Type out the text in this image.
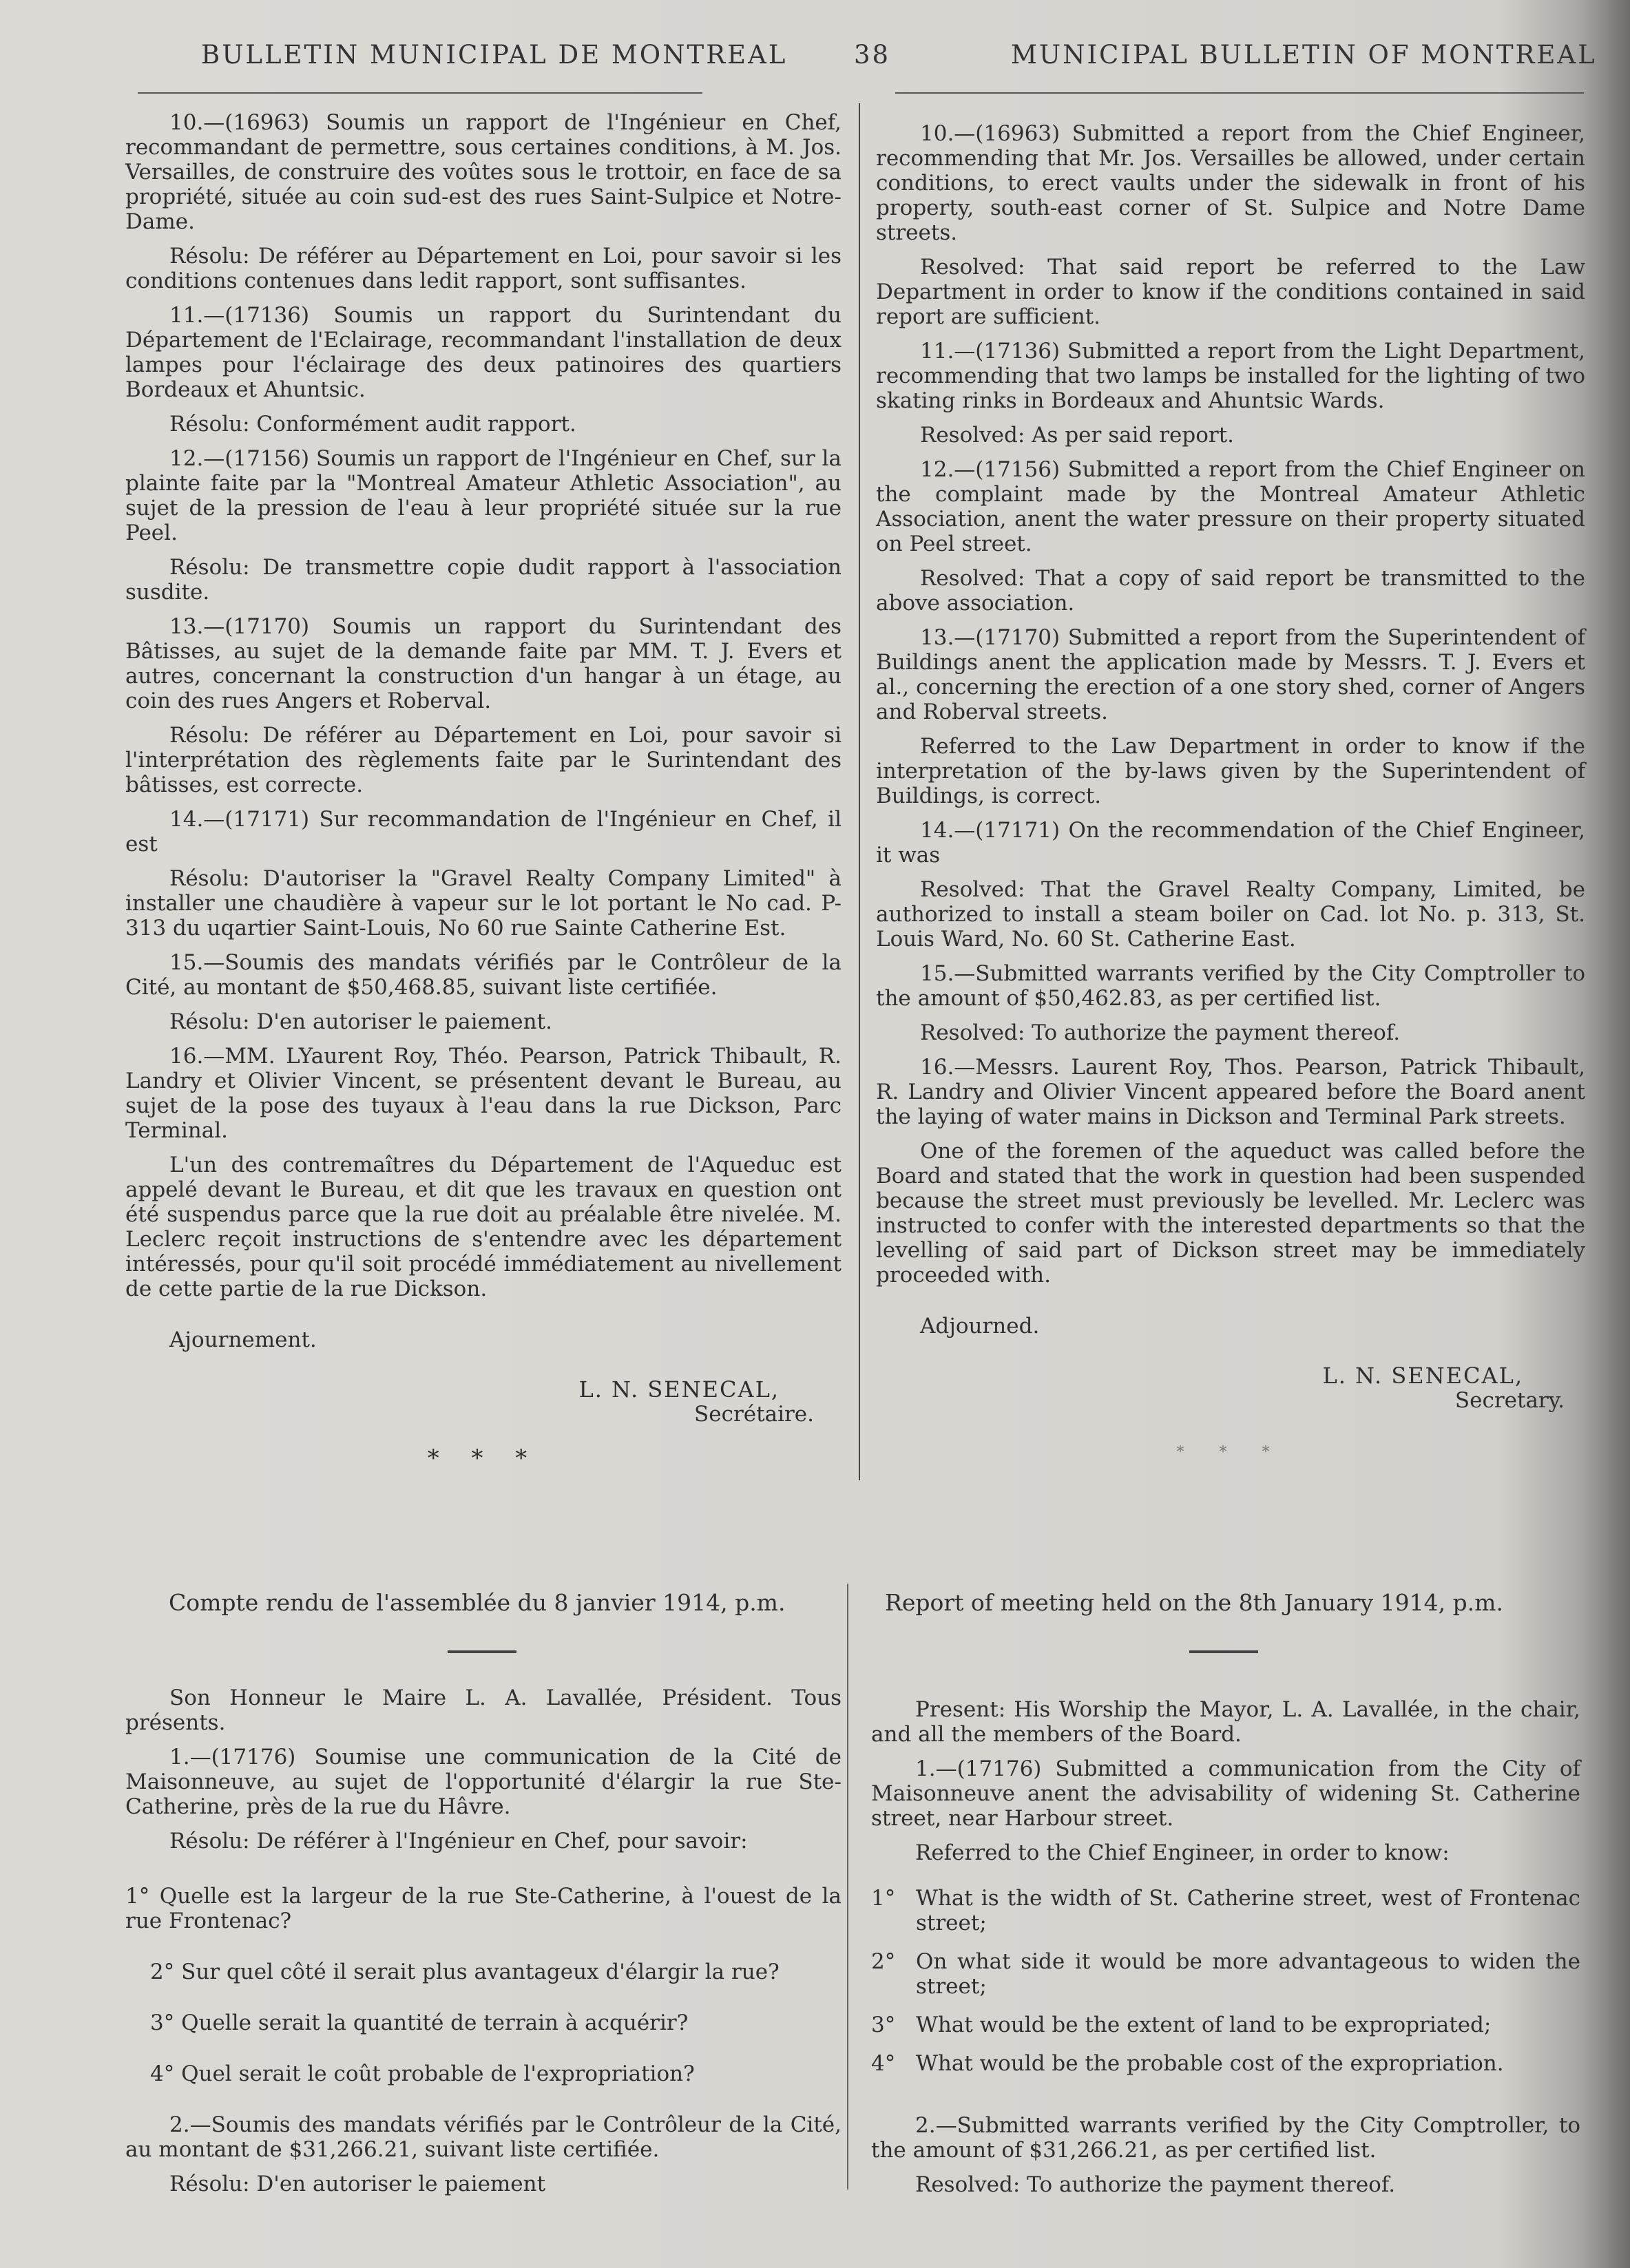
BULLETIN MUNICIPAL DE MONTREAL	38	MUNICIPAL BULLETIN OF MONTREAL

10.—(16963) Soumis un rapport de l'Ingénieur en Chef, recommandant de permettre, sous certaines conditions, à M. Jos. Versailles, de construire des voûtes sous le trottoir, en face de sa propriété, située au coin sud-est des rues Saint-Sulpice et Notre-Dame.

Résolu: De référer au Département en Loi, pour savoir si les conditions contenues dans ledit rapport, sont suffisantes.

11.—(17136) Soumis un rapport du Surintendant du Département de l'Eclairage, recommandant l'installation de deux lampes pour l'éclairage des deux patinoires des quartiers Bordeaux et Ahuntsic.

Résolu: Conformément audit rapport.

12.—(17156) Soumis un rapport de l'Ingénieur en Chef, sur la plainte faite par la "Montreal Amateur Athletic Association", au sujet de la pression de l'eau à leur propriété située sur la rue Peel.

Résolu: De transmettre copie dudit rapport à l'association susdite.

13.—(17170) Soumis un rapport du Surintendant des Bâtisses, au sujet de la demande faite par MM. T. J. Evers et autres, concernant la construction d'un hangar à un étage, au coin des rues Angers et Roberval.

Résolu: De référer au Département en Loi, pour savoir si l'interprétation des règlements faite par le Surintendant des bâtisses, est correcte.

14.—(17171) Sur recommandation de l'Ingénieur en Chef, il est

Résolu: D'autoriser la "Gravel Realty Company Limited" à installer une chaudière à vapeur sur le lot portant le No cad. P-313 du uqartier Saint-Louis, No 60 rue Sainte Catherine Est.

15.—Soumis des mandats vérifiés par le Contrôleur de la Cité, au montant de $50,468.85, suivant liste certifiée.

Résolu: D'en autoriser le paiement.

16.—MM. LYaurent Roy, Théo. Pearson, Patrick Thibault, R. Landry et Olivier Vincent, se présentent devant le Bureau, au sujet de la pose des tuyaux à l'eau dans la rue Dickson, Parc Terminal.

L'un des contremaîtres du Département de l'Aqueduc est appelé devant le Bureau, et dit que les travaux en question ont été suspendus parce que la rue doit au préalable être nivelée. M. Leclerc reçoit instructions de s'entendre avec les département intéressés, pour qu'il soit procédé immédiatement au nivellement de cette partie de la rue Dickson.

Ajournement.

L. N. SENECAL,

Secrétaire.

* * *

10.—(16963) Submitted a report from the Chief Engineer, recommending that Mr. Jos. Versailles be allowed, under certain conditions, to erect vaults under the sidewalk in front of his property, south-east corner of St. Sulpice and Notre Dame streets.

Resolved: That said report be referred to the Law Department in order to know if the conditions contained in said report are sufficient.

11.—(17136) Submitted a report from the Light Department, recommending that two lamps be installed for the lighting of two skating rinks in Bordeaux and Ahuntsic Wards.

Resolved: As per said report.

12.—(17156) Submitted a report from the Chief Engineer on the complaint made by the Montreal Amateur Athletic Association, anent the water pressure on their property situated on Peel street.

Resolved: That a copy of said report be transmitted to the above association.

13.—(17170) Submitted a report from the Superintendent of Buildings anent the application made by Messrs. T. J. Evers et al., concerning the erection of a one story shed, corner of Angers and Roberval streets.

Referred to the Law Department in order to know if the interpretation of the by-laws given by the Superintendent of Buildings, is correct.

14.—(17171) On the recommendation of the Chief Engineer, it was

Resolved: That the Gravel Realty Company, Limited, be authorized to install a steam boiler on Cad. lot No. p. 313, St. Louis Ward, No. 60 St. Catherine East.

15.—Submitted warrants verified by the City Comptroller to the amount of $50,462.83, as per certified list.

Resolved: To authorize the payment thereof.

16.—Messrs. Laurent Roy, Thos. Pearson, Patrick Thibault, R. Landry and Olivier Vincent appeared before the Board anent the laying of water mains in Dickson and Terminal Park streets.

One of the foremen of the aqueduct was called before the Board and stated that the work in question had been suspended because the street must previously be levelled. Mr. Leclerc was instructed to confer with the interested departments so that the levelling of said part of Dickson street may be immediately proceeded with.

Adjourned.

L. N. SENECAL,

Secretary.

* * *

Compte rendu de l'assemblée du 8 janvier 1914, p.m.	Report of meeting held on the 8th January 1914, p.m.

Son Honneur le Maire L. A. Lavallée, Président. Tous présents.

1.—(17176) Soumise une communication de la Cité de Maisonneuve, au sujet de l'opportunité d'élargir la rue Ste-Catherine, près de la rue du Hâvre.

Résolu: De référer à l'Ingénieur en Chef, pour savoir:

1° Quelle est la largeur de la rue Ste-Catherine, à l'ouest de la rue Frontenac?

2° Sur quel côté il serait plus avantageux d'élargir la rue?

3° Quelle serait la quantité de terrain à acquérir?

4° Quel serait le coût probable de l'expropriation?

2.—Soumis des mandats vérifiés par le Contrôleur de la Cité, au montant de $31,266.21, suivant liste certifiée.

Résolu: D'en autoriser le paiement

Present: His Worship the Mayor, L. A. Lavallée, in the chair, and all the members of the Board.

1.—(17176) Submitted a communication from the City of Maisonneuve anent the advisability of widening St. Catherine street, near Harbour street.

Referred to the Chief Engineer, in order to know:

1° What is the width of St. Catherine street, west of Frontenac street;

2° On what side it would be more advantageous to widen the street;

3° What would be the extent of land to be expropriated;

4° What would be the probable cost of the expropriation.

2.—Submitted warrants verified by the City Comptroller, to the amount of $31,266.21, as per certified list.

Resolved: To authorize the payment thereof.
